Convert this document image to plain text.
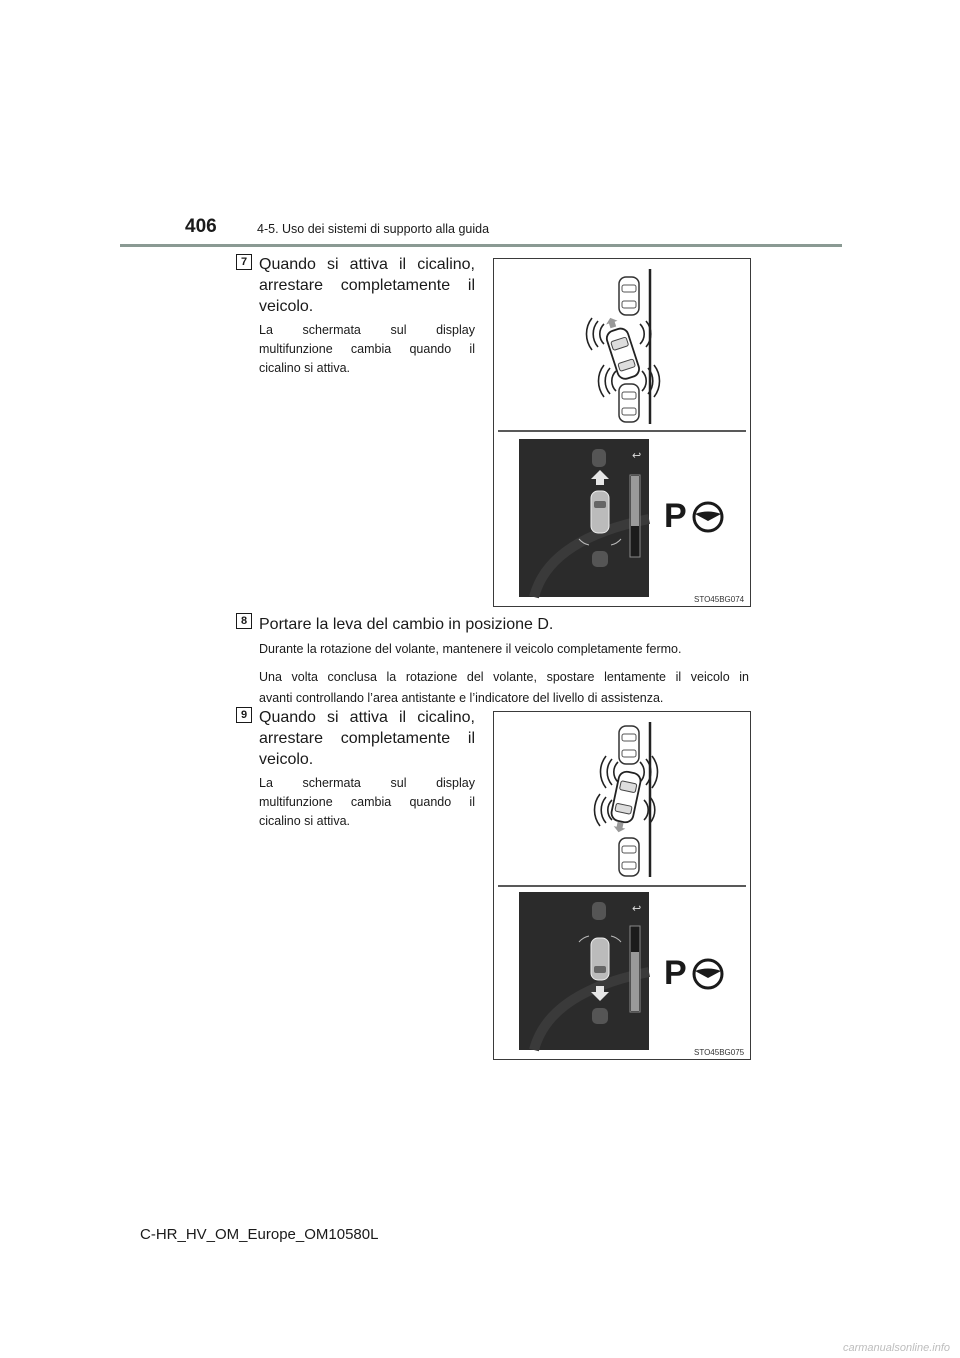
406	4-5. Uso dei sistemi di supporto alla guida
7 Quando si attiva il cicalino,
arrestare completamente il
veicolo.
La schermata sul display
multifunzione cambia quando il
cicalino si attiva.
↩
P
STO45BG074
8 Portare la leva del cambio in posizione D.
Durante la rotazione del volante, mantenere il veicolo completamente fermo.
Una volta conclusa la rotazione del volante, spostare lentamente il veicolo in
avanti controllando l’area antistante e l’indicatore del livello di assistenza.
9 Quando si attiva il cicalino,
arrestare completamente il
veicolo.
La schermata sul display
multifunzione cambia quando il
cicalino si attiva.
↩
P
STO45BG075
C-HR_HV_OM_Europe_OM10580L
carmanualsonline.info
